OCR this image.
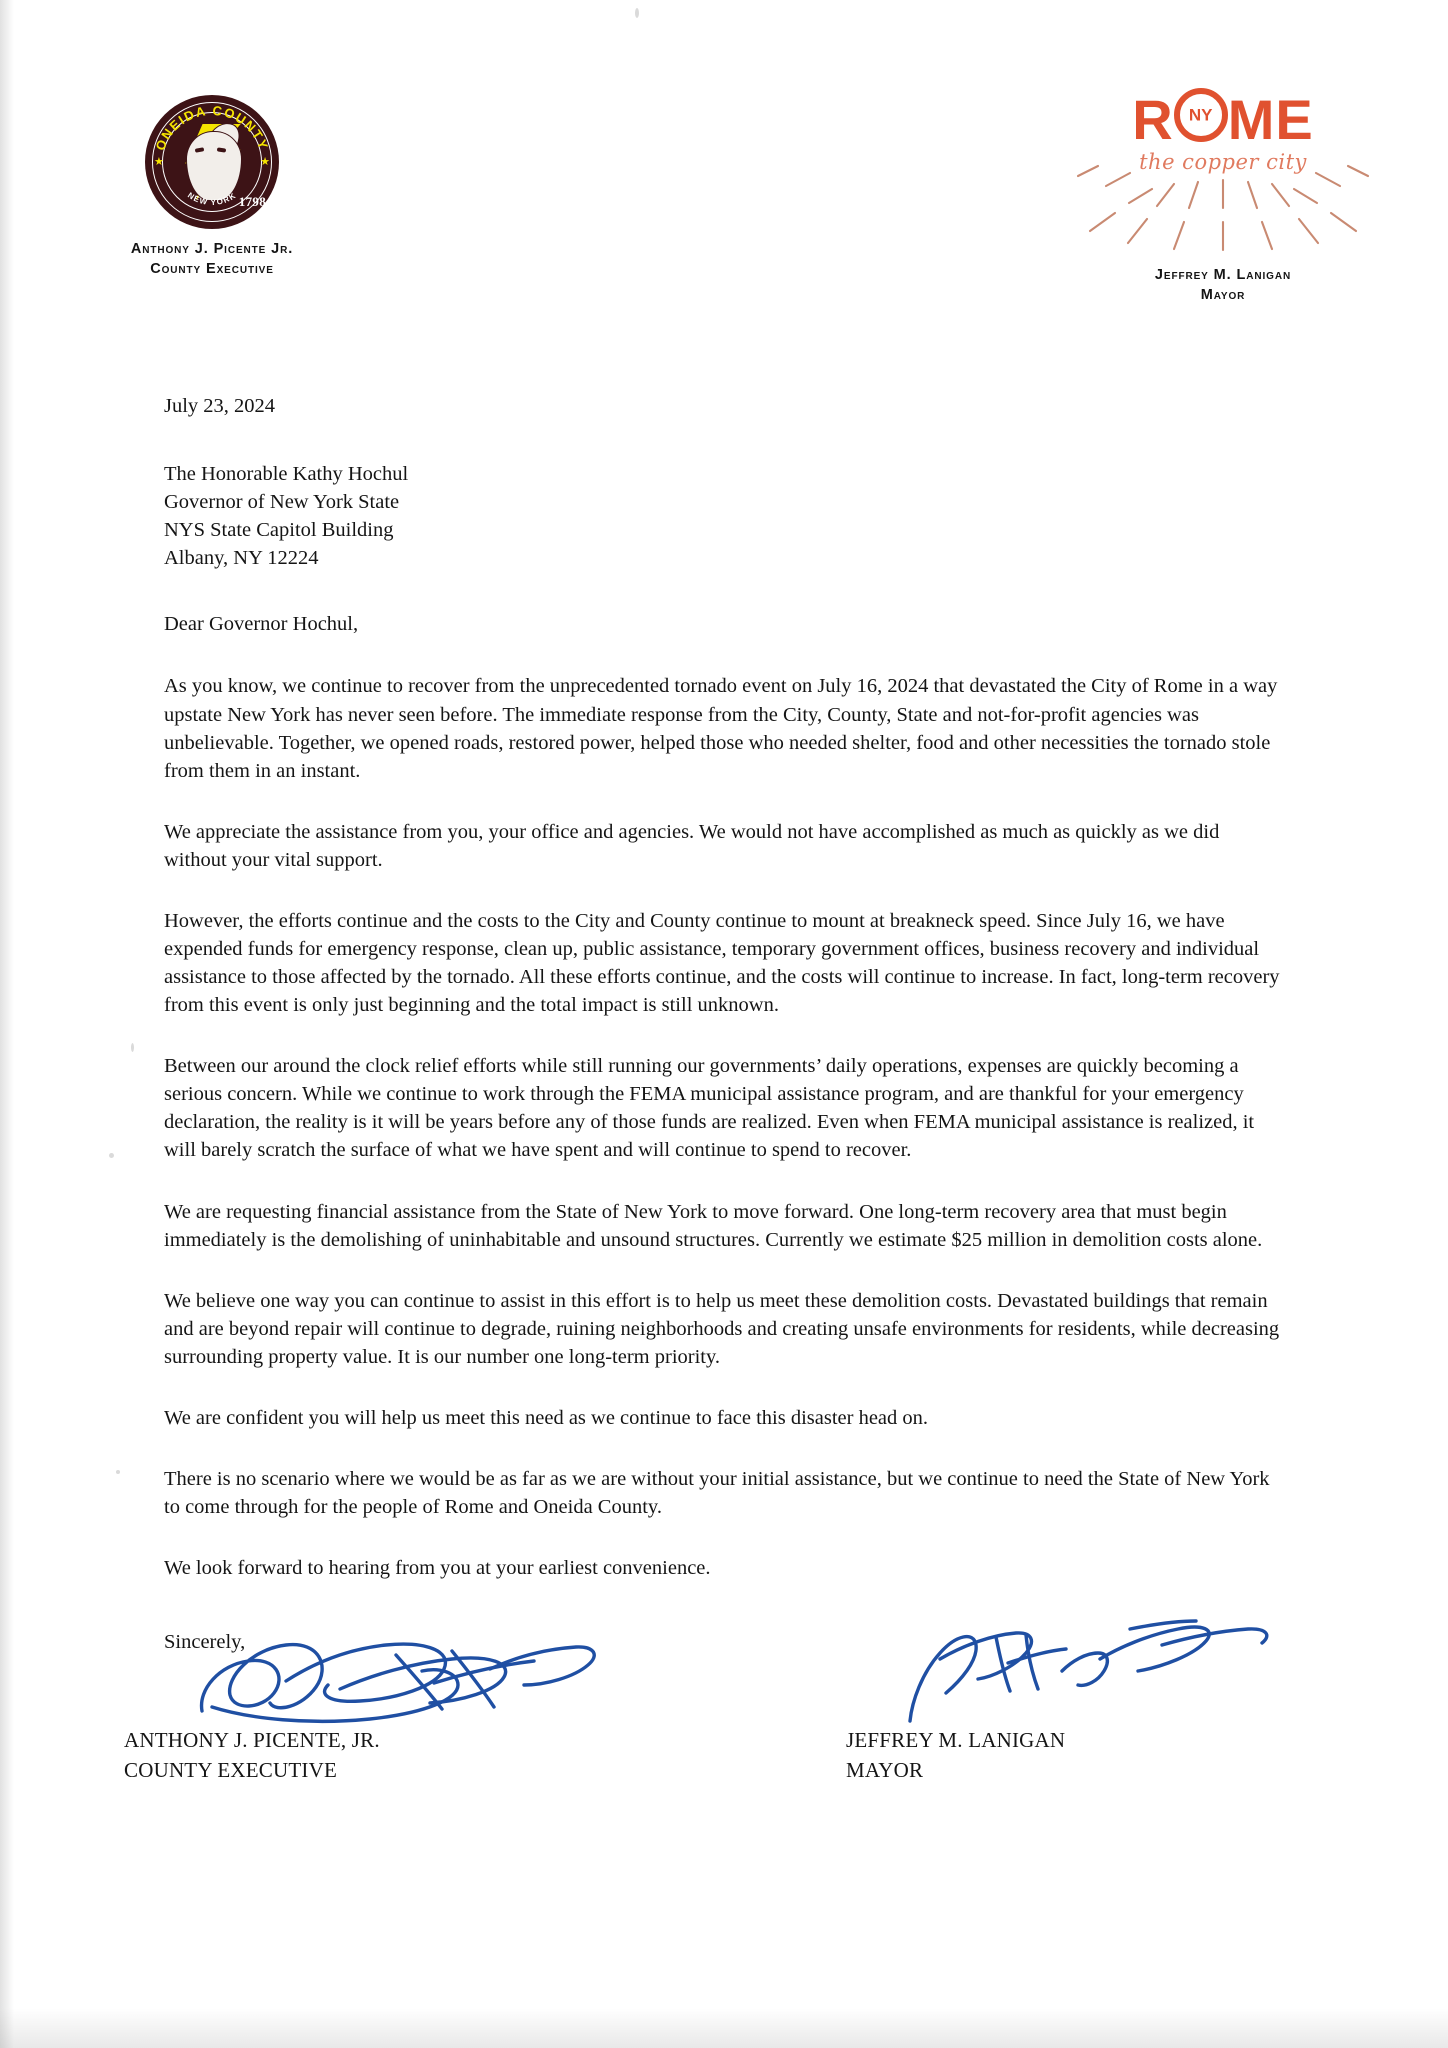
★	★
ONEIDA COUNTY
NEW YORK 1798
Anthony J. Picente Jr.
County Executive
R NY ME
the copper city
Jeffrey M. Lanigan
Mayor
July 23, 2024
The Honorable Kathy Hochul
Governor of New York State
NYS State Capitol Building
Albany, NY 12224
Dear Governor Hochul,

As you know, we continue to recover from the unprecedented tornado event on July 16, 2024 that devastated the City of Rome in a way upstate New York has never seen before. The immediate response from the City, County, State and not-for-profit agencies was unbelievable. Together, we opened roads, restored power, helped those who needed shelter, food and other necessities the tornado stole from them in an instant.

We appreciate the assistance from you, your office and agencies. We would not have accomplished as much as quickly as we did without your vital support.

However, the efforts continue and the costs to the City and County continue to mount at breakneck speed. Since July 16, we have expended funds for emergency response, clean up, public assistance, temporary government offices, business recovery and individual assistance to those affected by the tornado. All these efforts continue, and the costs will continue to increase. In fact, long-term recovery from this event is only just beginning and the total impact is still unknown.

Between our around the clock relief efforts while still running our governments’ daily operations, expenses are quickly becoming a serious concern. While we continue to work through the FEMA municipal assistance program, and are thankful for your emergency declaration, the reality is it will be years before any of those funds are realized. Even when FEMA municipal assistance is realized, it will barely scratch the surface of what we have spent and will continue to spend to recover.

We are requesting financial assistance from the State of New York to move forward. One long-term recovery area that must begin immediately is the demolishing of uninhabitable and unsound structures. Currently we estimate $25 million in demolition costs alone.

We believe one way you can continue to assist in this effort is to help us meet these demolition costs. Devastated buildings that remain and are beyond repair will continue to degrade, ruining neighborhoods and creating unsafe environments for residents, while decreasing surrounding property value. It is our number one long-term priority.

We are confident you will help us meet this need as we continue to face this disaster head on.

There is no scenario where we would be as far as we are without your initial assistance, but we continue to need the State of New York to come through for the people of Rome and Oneida County.

We look forward to hearing from you at your earliest convenience.

Sincerely,
ANTHONY J. PICENTE, JR.
COUNTY EXECUTIVE
JEFFREY M. LANIGAN
MAYOR
